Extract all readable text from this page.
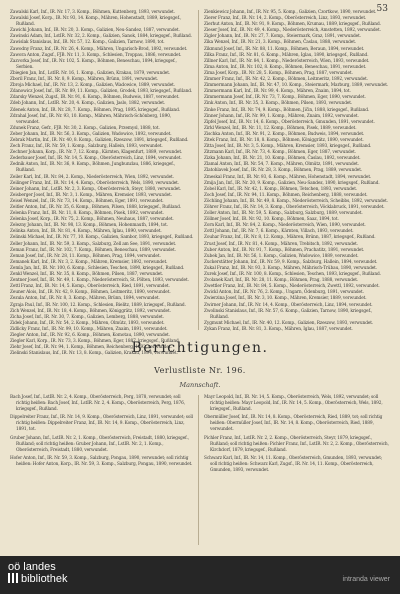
53

Zawalski Karl, Inf., IR. Nr. 17, 3. Komp., Böhmen, Kuttenberg, 1893, verwundet.

Zawalski Josef, Korp., IR. Nr. 93, 14. Komp., Mähren, Hohenstadt, 1889, kriegsgef., Rußland.

Zawichi Johann, Inf., IR. Nr. 20, 3. Komp., Galizien, Neu-Sandez, 1887, verwundet.

Zawinski Adam, Inf., LstIR. Nr. 32, 2. Komp., Galizien, Sanok, 1884, kriegsgef., Rußland.

Zawislak Stanislaus, Inf., IR. Nr. 57, 12. Komp., Galizien, Tarnow, 1890, tot.

Zawodny Franz, Inf., IR. Nr. 26, 4. Komp., Mähren, Ungarisch-Brod, 1892, verwundet.

Zawora Anton, Zugsf., FJB. Nr. 11, 3. Komp., Schlesien, Troppau, 1886, verwundet.

Zazvorka Josef, Inf., IR. Nr. 102, 5. Komp., Böhmen, Beneschau, 1894, kriegsgef., Serbien.

Zbiegien Jan, Inf., LstIR. Nr. 16, 1. Komp., Galizien, Krakau, 1879, verwundet.

Zboril Franz, Inf., IR. Nr. 8, 9. Komp., Mähren, Brünn, 1891, verwundet.

Zbroja Michael, Inf., IR. Nr. 13, 2. Komp., Galizien, Wadowice, 1889, verwundet.

Zdanowicz Josef, Inf., IR. Nr. 89, 11. Komp., Galizien, Grodek, 1893, kriegsgef., Rußland.

Zdarsky Wenzel, Zugsf., IR. Nr. 91, 6. Komp., Böhmen, Budweis, 1887, verwundet.

Zdeb Johann, Inf., LstIR. Nr. 20, 4. Komp., Galizien, Jaslo, 1882, verwundet.

Zdenek Anton, Inf., IR. Nr. 28, 7. Komp., Böhmen, Prag, 1895, kriegsgef., Rußland.

Zdrahal Josef, Inf., IR. Nr. 93, 10. Komp., Mähren, Mährisch-Schönberg, 1890, verwundet.

Zdunek Franz, Gefr., FJB. Nr. 30, 2. Komp., Galizien, Przemysl, 1888, tot.

Zeber Johann, Inf., IR. Nr. 56, 3. Komp., Galizien, Wadowice, 1892, verwundet.

Zebrak Martin, Inf., IR. Nr. 40, 8. Komp., Galizien, Rzeszow, 1891, kriegsgef., Rußland.

Zech Franz, Inf., IR. Nr. 59, 1. Komp., Salzburg, Hallein, 1893, verwundet.

Zechner Johann, Korp., IR. Nr. 7, 12. Komp., Kärnten, Klagenfurt, 1889, verwundet.

Zederbauer Josef, Inf., IR. Nr. 14, 5. Komp., Oberösterreich, Linz, 1894, verwundet.

Zedník Anton, Inf., IR. Nr. 36, 9. Komp., Böhmen, Jungbunzlau, 1886, kriegsgef., Rußland.

Zeiler Karl, Inf., IR. Nr. 84, 2. Komp., Niederösterreich, Wien, 1892, verwundet.

Zeilinger Franz, Inf., IR. Nr. 14, 4. Komp., Oberösterreich, Wels, 1890, verwundet.

Zeiner Johann, Inf., LstIR. Nr. 2, 3. Komp., Oberösterreich, Steyr, 1880, verwundet.

Zeisberger Josef, Inf., IR. Nr. 3, 1. Komp., Mähren, Kremsier, 1893, verwundet.

Zeisel Wenzel, Inf., IR. Nr. 73, 14. Komp., Böhmen, Eger, 1891, verwundet.

Zeitler Anton, Inf., IR. Nr. 35, 6. Komp., Böhmen, Pilsen, 1888, kriegsgef., Rußland.

Zelenka Franz, Inf., IR. Nr. 11, 8. Komp., Böhmen, Pisek, 1892, verwundet.

Zelenka Josef, Korp., IR. Nr. 75, 2. Komp., Böhmen, Neuhaus, 1887, verwundet.

Zelezny Johann, Inf., IR. Nr. 98, 13. Komp., Böhmen, Hohenmauth, 1894, tot.

Zelinka Anton, Inf., IR. Nr. 81, 4. Komp., Mähren, Iglau, 1890, verwundet.

Zelinski Michael, Inf., IR. Nr. 77, 10. Komp., Galizien, Sambor, 1893, kriegsgef., Rußland.

Zeller Johann, Inf., IR. Nr. 59, 3. Komp., Salzburg, Zell am See, 1891, verwundet.

Zeman Franz, Inf., IR. Nr. 102, 7. Komp., Böhmen, Beneschau, 1889, verwundet.

Zeman Josef, Inf., IR. Nr. 28, 11. Komp., Böhmen, Prag, 1894, verwundet.

Zemanek Karl, Inf., IR. Nr. 3, 2. Komp., Mähren, Kremsier, 1892, verwundet.

Zemla Jan, Inf., IR. Nr. 100, 6. Komp., Schlesien, Teschen, 1890, kriegsgef., Rußland.

Zenkl Wenzel, Inf., IR. Nr. 35, 8. Komp., Böhmen, Pilsen, 1887, verwundet.

Zentner Josef, Inf., IR. Nr. 49, 1. Komp., Niederösterreich, St. Pölten, 1893, verwundet.

Zettl Franz, Inf., IR. Nr. 14, 5. Komp., Oberösterreich, Ried, 1891, verwundet.

Zeuner Alois, Inf., IR. Nr. 42, 9. Komp., Böhmen, Leitmeritz, 1890, verwundet.

Zezula Anton, Inf., IR. Nr. 8, 3. Komp., Mähren, Brünn, 1894, verwundet.

Zgraja Paul, Inf., IR. Nr. 100, 12. Komp., Schlesien, Bielitz, 1889, kriegsgef., Rußland.

Zich Wenzel, Inf., IR. Nr. 18, 4. Komp., Böhmen, Königgrätz, 1892, verwundet.

Zicha Josef, Inf., IR. Nr. 30, 7. Komp., Galizien, Lemberg, 1888, verwundet.

Zidek Johann, Inf., IR. Nr. 54, 2. Komp., Mähren, Olmütz, 1893, verwundet.

Zidlicky Franz, Inf., IR. Nr. 99, 10. Komp., Mähren, Znaim, 1891, verwundet.

Ziegler Anton, Inf., IR. Nr. 92, 6. Komp., Böhmen, Komotau, 1890, verwundet.

Ziegler Karl, Korp., IR. Nr. 73, 3. Komp., Böhmen, Eger, 1887, kriegsgef., Rußland.

Ziehr Josef, Inf., IR. Nr. 94, 1. Komp., Böhmen, Reichenberg, 1892, verwundet.

Zielinski Stanislaus, Inf., IR. Nr. 13, 8. Komp., Galizien, Krakau, 1894, verwundet.

Zienkiewicz Johann, Inf., IR. Nr. 95, 5. Komp., Galizien, Czortkow, 1890, verwundet.

Zierer Franz, Inf., IR. Nr. 14, 2. Komp., Oberösterreich, Linz, 1893, verwundet.

Zierhut Anton, Inf., IR. Nr. 91, 9. Komp., Böhmen, Krumau, 1889, kriegsgef., Rußland.

Zieser Josef, Inf., IR. Nr. 49, 4. Komp., Niederösterreich, Amstetten, 1892, verwundet.

Zigler Johann, Inf., IR. Nr. 27, 7. Komp., Steiermark, Graz, 1891, verwundet.

Zika Wenzel, Inf., IR. Nr. 21, 3. Komp., Böhmen, Časlau, 1888, verwundet.

Zikmund Josef, Inf., IR. Nr. 88, 11. Komp., Böhmen, Beraun, 1894, verwundet.

Zilka Franz, Inf., IR. Nr. 81, 6. Komp., Mähren, Iglau, 1890, kriegsgef., Rußland.

Zillner Karl, Inf., IR. Nr. 84, 1. Komp., Niederösterreich, Wien, 1893, verwundet.

Zima Anton, Inf., IR. Nr. 102, 8. Komp., Böhmen, Beneschau, 1891, verwundet.

Zima Josef, Korp., IR. Nr. 28, 5. Komp., Böhmen, Prag, 1887, verwundet.

Zimmer Franz, Inf., IR. Nr. 42, 2. Komp., Böhmen, Leitmeritz, 1892, verwundet.

Zimmermann Johann, Inf., IR. Nr. 47, 10. Komp., Steiermark, Marburg, 1889, verwundet.

Zimmermann Karl, Inf., IR. Nr. 99, 4. Komp., Mähren, Znaim, 1894, tot.

Zimmermann Josef, Inf., IR. Nr. 73, 7. Komp., Böhmen, Eger, 1890, verwundet.

Zink Anton, Inf., IR. Nr. 35, 3. Komp., Böhmen, Pilsen, 1893, verwundet.

Zinke Franz, Inf., IR. Nr. 74, 9. Komp., Böhmen, Jičin, 1888, kriegsgef., Rußland.

Zinner Johann, Inf., IR. Nr. 99, 1. Komp., Mähren, Znaim, 1892, verwundet.

Zipfel Josef, Inf., IR. Nr. 14, 6. Komp., Oberösterreich, Gmunden, 1891, verwundet.

Zirkl Wenzel, Inf., IR. Nr. 11, 12. Komp., Böhmen, Pisek, 1889, verwundet.

Zischka Anton, Inf., IR. Nr. 91, 2. Komp., Böhmen, Budweis, 1894, verwundet.

Zitek Franz, Inf., IR. Nr. 18, 8. Komp., Böhmen, Königgrätz, 1890, verwundet.

Zitta Josef, Inf., IR. Nr. 3, 5. Komp., Mähren, Kremsier, 1893, kriegsgef., Rußland.

Zitzmann Karl, Inf., IR. Nr. 73, 4. Komp., Böhmen, Eger, 1887, verwundet.

Zizka Johann, Inf., IR. Nr. 21, 10. Komp., Böhmen, Časlau, 1892, verwundet.

Zlamal Anton, Inf., IR. Nr. 54, 7. Komp., Mähren, Olmütz, 1891, verwundet.

Zlatohlavek Josef, Inf., IR. Nr. 28, 3. Komp., Böhmen, Prag, 1889, verwundet.

Zmeskal Franz, Inf., IR. Nr. 93, 6. Komp., Mähren, Hohenstadt, 1894, verwundet.

Zmija Jan, Inf., IR. Nr. 20, 9. Komp., Galizien, Neu-Sandez, 1890, kriegsgef., Rußland.

Zobel Karl, Inf., IR. Nr. 42, 1. Komp., Böhmen, Tetschen, 1893, verwundet.

Zoch Josef, Inf., IR. Nr. 94, 11. Komp., Böhmen, Reichenberg, 1888, verwundet.

Zöchling Johann, Inf., IR. Nr. 49, 8. Komp., Niederösterreich, Scheibbs, 1892, verwundet.

Zöhrer Franz, Inf., IR. Nr. 14, 3. Komp., Oberösterreich, Vöcklabruck, 1891, verwundet.

Zoller Anton, Inf., IR. Nr. 59, 5. Komp., Salzburg, Salzburg, 1889, verwundet.

Zöllner Josef, Inf., IR. Nr. 92, 10. Komp., Böhmen, Saaz, 1894, tot.

Zorn Karl, Inf., IR. Nr. 84, 2. Komp., Niederösterreich, Wien, 1890, verwundet.

Zottl Johann, Inf., IR. Nr. 7, 6. Komp., Kärnten, Villach, 1893, verwundet.

Zouhar Franz, Inf., IR. Nr. 8, 12. Komp., Mähren, Brünn, 1887, kriegsgef., Rußland.

Zrust Josef, Inf., IR. Nr. 81, 4. Komp., Mähren, Trebitsch, 1892, verwundet.

Zuber Anton, Inf., IR. Nr. 91, 7. Komp., Böhmen, Prachatitz, 1891, verwundet.

Zubek Jan, Inf., IR. Nr. 56, 1. Komp., Galizien, Wadowice, 1889, verwundet.

Zuckerstätter Johann, Inf., IR. Nr. 59, 9. Komp., Salzburg, Hallein, 1894, verwundet.

Zukal Franz, Inf., IR. Nr. 93, 3. Komp., Mähren, Mährisch-Trübau, 1890, verwundet.

Zurek Josef, Inf., IR. Nr. 100, 8. Komp., Schlesien, Teschen, 1893, kriegsgef., Rußland.

Zvolanek Karl, Inf., IR. Nr. 28, 11. Komp., Böhmen, Prag, 1888, verwundet.

Zwettler Franz, Inf., IR. Nr. 84, 5. Komp., Niederösterreich, Zwettl, 1892, verwundet.

Zwickl Anton, Inf., IR. Nr. 76, 2. Komp., Ungarn, Ödenburg, 1891, verwundet.

Zwierzina Josef, Inf., IR. Nr. 3, 10. Komp., Mähren, Kremsier, 1889, verwundet.

Zwirner Johann, Inf., IR. Nr. 14, 4. Komp., Oberösterreich, Linz, 1894, verwundet.

Zwolinski Stanislaus, Inf., IR. Nr. 57, 6. Komp., Galizien, Tarnow, 1890, kriegsgef., Rußland.

Zygmunt Michael, Inf., IR. Nr. 40, 12. Komp., Galizien, Rzeszow, 1893, verwundet.

Zykan Franz, Inf., IR. Nr. 81, 3. Komp., Mähren, Iglau, 1887, verwundet.

Berichtigungen.
Verlustliste Nr. 196.
Mannschaft.

Bach Josef, Inf., LstIR. Nr. 2, 4. Komp., Oberösterreich, Perg, 1878, verwundet; soll richtig heißen: Bach Josef, Inf., LstIR. Nr. 2, 4. Komp., Oberösterreich, Perg, 1876, kriegsgef., Rußland.

Dippelreiter Franz, Inf., IR. Nr. 14, 9. Komp., Oberösterreich, Linz, 1891, verwundet; soll richtig heißen: Dippelreiter Franz, Inf., IR. Nr. 14, 9. Komp., Oberösterreich, Linz, 1891, tot.

Gruber Johann, Inf., LstIR. Nr. 2, 1. Komp., Oberösterreich, Freistadt, 1880, kriegsgef., Rußland; soll richtig heißen: Gruber Johann, Inf., LstIR. Nr. 2, 1. Komp., Oberösterreich, Freistadt, 1880, verwundet.

Hofer Anton, Inf., IR. Nr. 59, 3. Komp., Salzburg, Pongau, 1890, verwundet; soll richtig heißen: Hofer Anton, Korp., IR. Nr. 59, 3. Komp., Salzburg, Pongau, 1890, verwundet.

Mayr Leopold, Inf., IR. Nr. 14, 5. Komp., Oberösterreich, Wels, 1892, verwundet; soll richtig heißen: Mayr Leopold, Inf., IR. Nr. 14, 5. Komp., Oberösterreich, Wels, 1892, kriegsgef., Rußland.

Obermüller Josef, Inf., IR. Nr. 14, 8. Komp., Oberösterreich, Ried, 1889, tot; soll richtig heißen: Obermüller Josef, Inf., IR. Nr. 14, 8. Komp., Oberösterreich, Ried, 1889, verwundet.

Pichler Franz, Inf., LstIR. Nr. 2, 2. Komp., Oberösterreich, Steyr, 1879, kriegsgef., Rußland; soll richtig heißen: Pichler Franz, Inf., LstIR. Nr. 2, 2. Komp., Oberösterreich, Kirchdorf, 1879, kriegsgef., Rußland.

Schwarz Karl, Inf., IR. Nr. 14, 11. Komp., Oberösterreich, Gmunden, 1893, verwundet; soll richtig heißen: Schwarz Karl, Zugsf., IR. Nr. 14, 11. Komp., Oberösterreich, Gmunden, 1893, verwundet.

oö landes
bibliothek	intranda viewer
